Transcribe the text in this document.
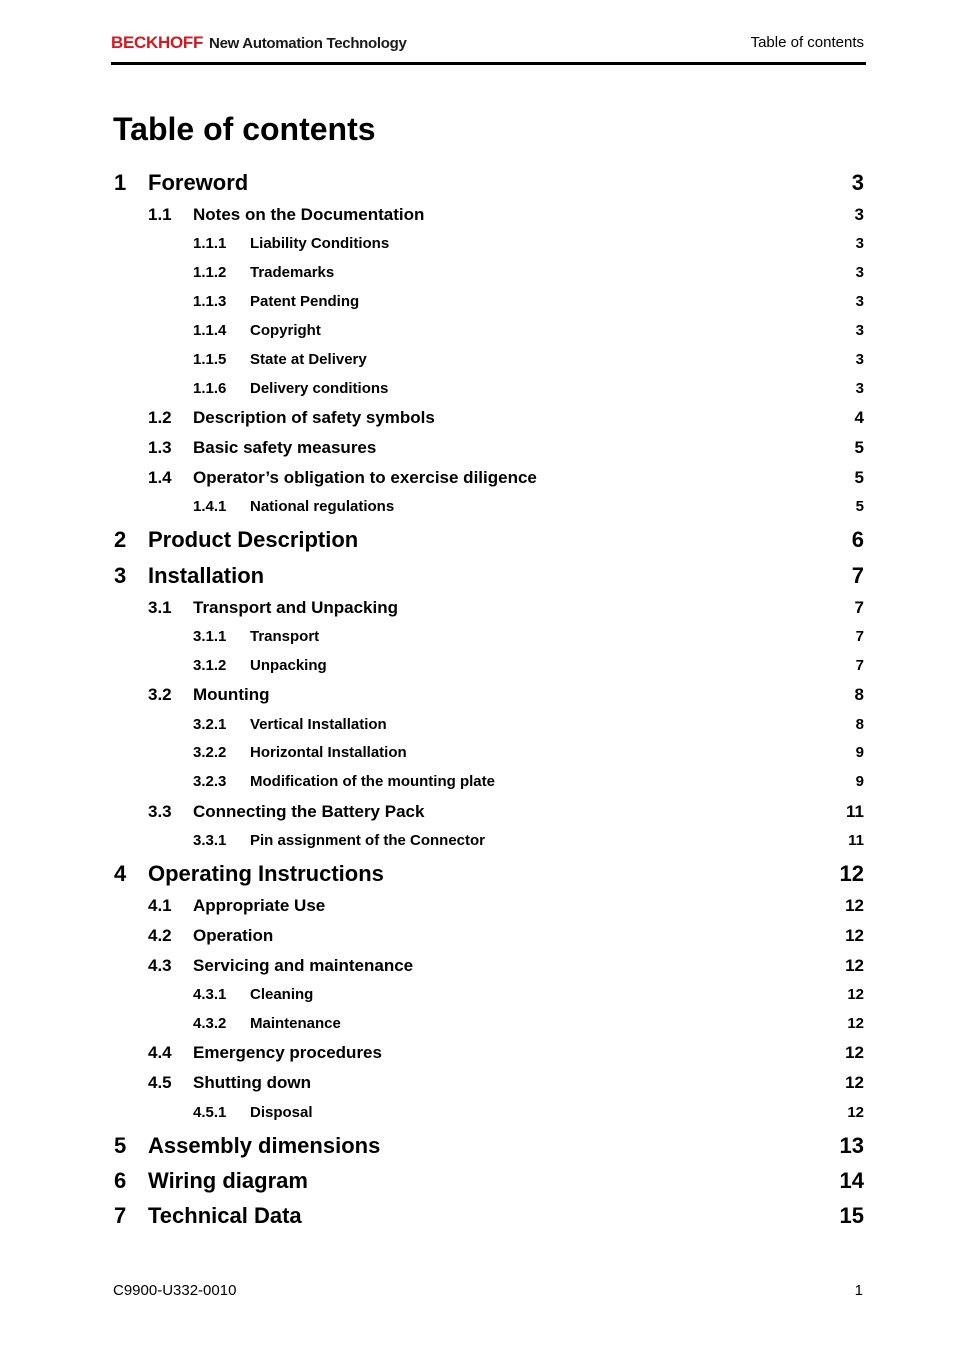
BECKHOFF New Automation Technology	Table of contents
Table of contents
1 Foreword	3
1.1 Notes on the Documentation	3
1.1.1 Liability Conditions	3
1.1.2 Trademarks	3
1.1.3 Patent Pending	3
1.1.4 Copyright	3
1.1.5 State at Delivery	3
1.1.6 Delivery conditions	3
1.2 Description of safety symbols	4
1.3 Basic safety measures	5
1.4 Operator’s obligation to exercise diligence	5
1.4.1 National regulations	5
2 Product Description	6
3 Installation	7
3.1 Transport and Unpacking	7
3.1.1 Transport	7
3.1.2 Unpacking	7
3.2 Mounting	8
3.2.1 Vertical Installation	8
3.2.2 Horizontal Installation	9
3.2.3 Modification of the mounting plate	9
3.3 Connecting the Battery Pack	11
3.3.1 Pin assignment of the Connector	11
4 Operating Instructions	12
4.1 Appropriate Use	12
4.2 Operation	12
4.3 Servicing and maintenance	12
4.3.1 Cleaning	12
4.3.2 Maintenance	12
4.4 Emergency procedures	12
4.5 Shutting down	12
4.5.1 Disposal	12
5 Assembly dimensions	13
6 Wiring diagram	14
7 Technical Data	15
C9900-U332-0010	1
